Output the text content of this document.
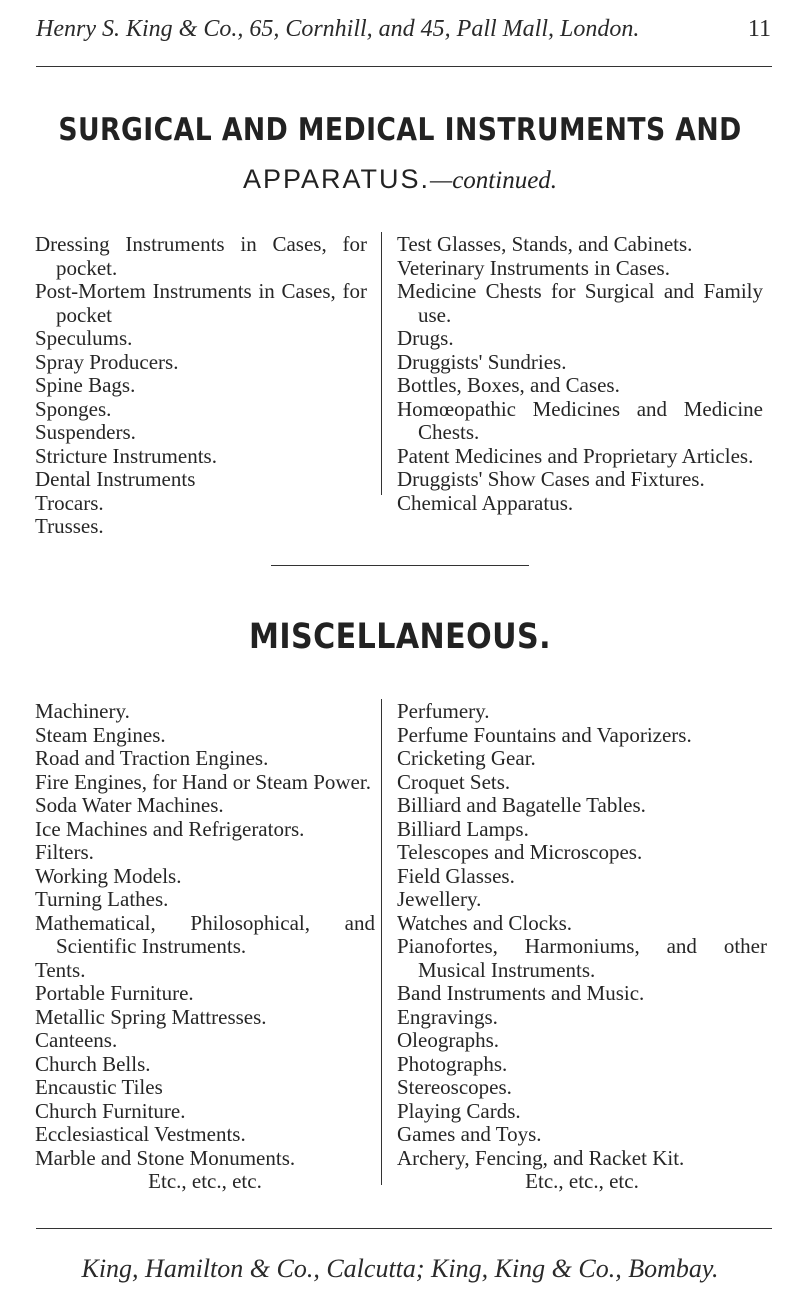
Henry S. King & Co., 65, Cornhill, and 45, Pall Mall, London.	11
SURGICAL AND MEDICAL INSTRUMENTS AND
APPARATUS.—continued.
Dressing Instruments in Cases, for pocket.
Post-Mortem Instruments in Cases, for pocket
Speculums.
Spray Producers.
Spine Bags.
Sponges.
Suspenders.
Stricture Instruments.
Dental Instruments
Trocars.
Trusses.
Test Glasses, Stands, and Cabinets.
Veterinary Instruments in Cases.
Medicine Chests for Surgical and Family use.
Drugs.
Druggists' Sundries.
Bottles, Boxes, and Cases.
Homœopathic Medicines and Medicine Chests.
Patent Medicines and Proprietary Articles.
Druggists' Show Cases and Fixtures.
Chemical Apparatus.
MISCELLANEOUS.
Machinery.
Steam Engines.
Road and Traction Engines.
Fire Engines, for Hand or Steam Power.
Soda Water Machines.
Ice Machines and Refrigerators.
Filters.
Working Models.
Turning Lathes.
Mathematical, Philosophical, and Scientific Instruments.
Tents.
Portable Furniture.
Metallic Spring Mattresses.
Canteens.
Church Bells.
Encaustic Tiles
Church Furniture.
Ecclesiastical Vestments.
Marble and Stone Monuments.
Etc., etc., etc.
Perfumery.
Perfume Fountains and Vaporizers.
Cricketing Gear.
Croquet Sets.
Billiard and Bagatelle Tables.
Billiard Lamps.
Telescopes and Microscopes.
Field Glasses.
Jewellery.
Watches and Clocks.
Pianofortes, Harmoniums, and other Musical Instruments.
Band Instruments and Music.
Engravings.
Oleographs.
Photographs.
Stereoscopes.
Playing Cards.
Games and Toys.
Archery, Fencing, and Racket Kit.
Etc., etc., etc.
King, Hamilton & Co., Calcutta; King, King & Co., Bombay.
